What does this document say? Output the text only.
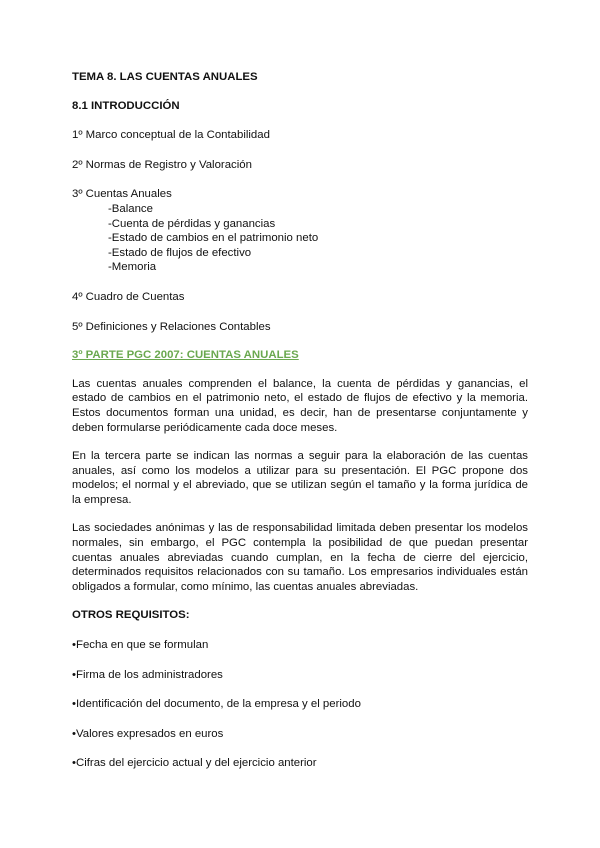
TEMA 8. LAS CUENTAS ANUALES

8.1 INTRODUCCIÓN

1º Marco conceptual de la Contabilidad

2º Normas de Registro y Valoración

3º Cuentas Anuales

-Balance

-Cuenta de pérdidas y ganancias

-Estado de cambios en el patrimonio neto

-Estado de flujos de efectivo

-Memoria

4º Cuadro de Cuentas

5º Definiciones y Relaciones Contables

3º PARTE PGC 2007: CUENTAS ANUALES

Las cuentas anuales comprenden el balance, la cuenta de pérdidas y ganancias, el estado de cambios en el patrimonio neto, el estado de flujos de efectivo y la memoria. Estos documentos forman una unidad, es decir, han de presentarse conjuntamente y deben formularse periódicamente cada doce meses.

En la tercera parte se indican las normas a seguir para la elaboración de las cuentas anuales, así como los modelos a utilizar para su presentación. El PGC propone dos modelos; el normal y el abreviado, que se utilizan según el tamaño y la forma jurídica de la empresa.

Las sociedades anónimas y las de responsabilidad limitada deben presentar los modelos normales, sin embargo, el PGC contempla la posibilidad de que puedan presentar cuentas anuales abreviadas cuando cumplan, en la fecha de cierre del ejercicio, determinados requisitos relacionados con su tamaño. Los empresarios individuales están obligados a formular, como mínimo, las cuentas anuales abreviadas.

OTROS REQUISITOS:

•Fecha en que se formulan

•Firma de los administradores

•Identificación del documento, de la empresa y el periodo

•Valores expresados en euros

•Cifras del ejercicio actual y del ejercicio anterior
